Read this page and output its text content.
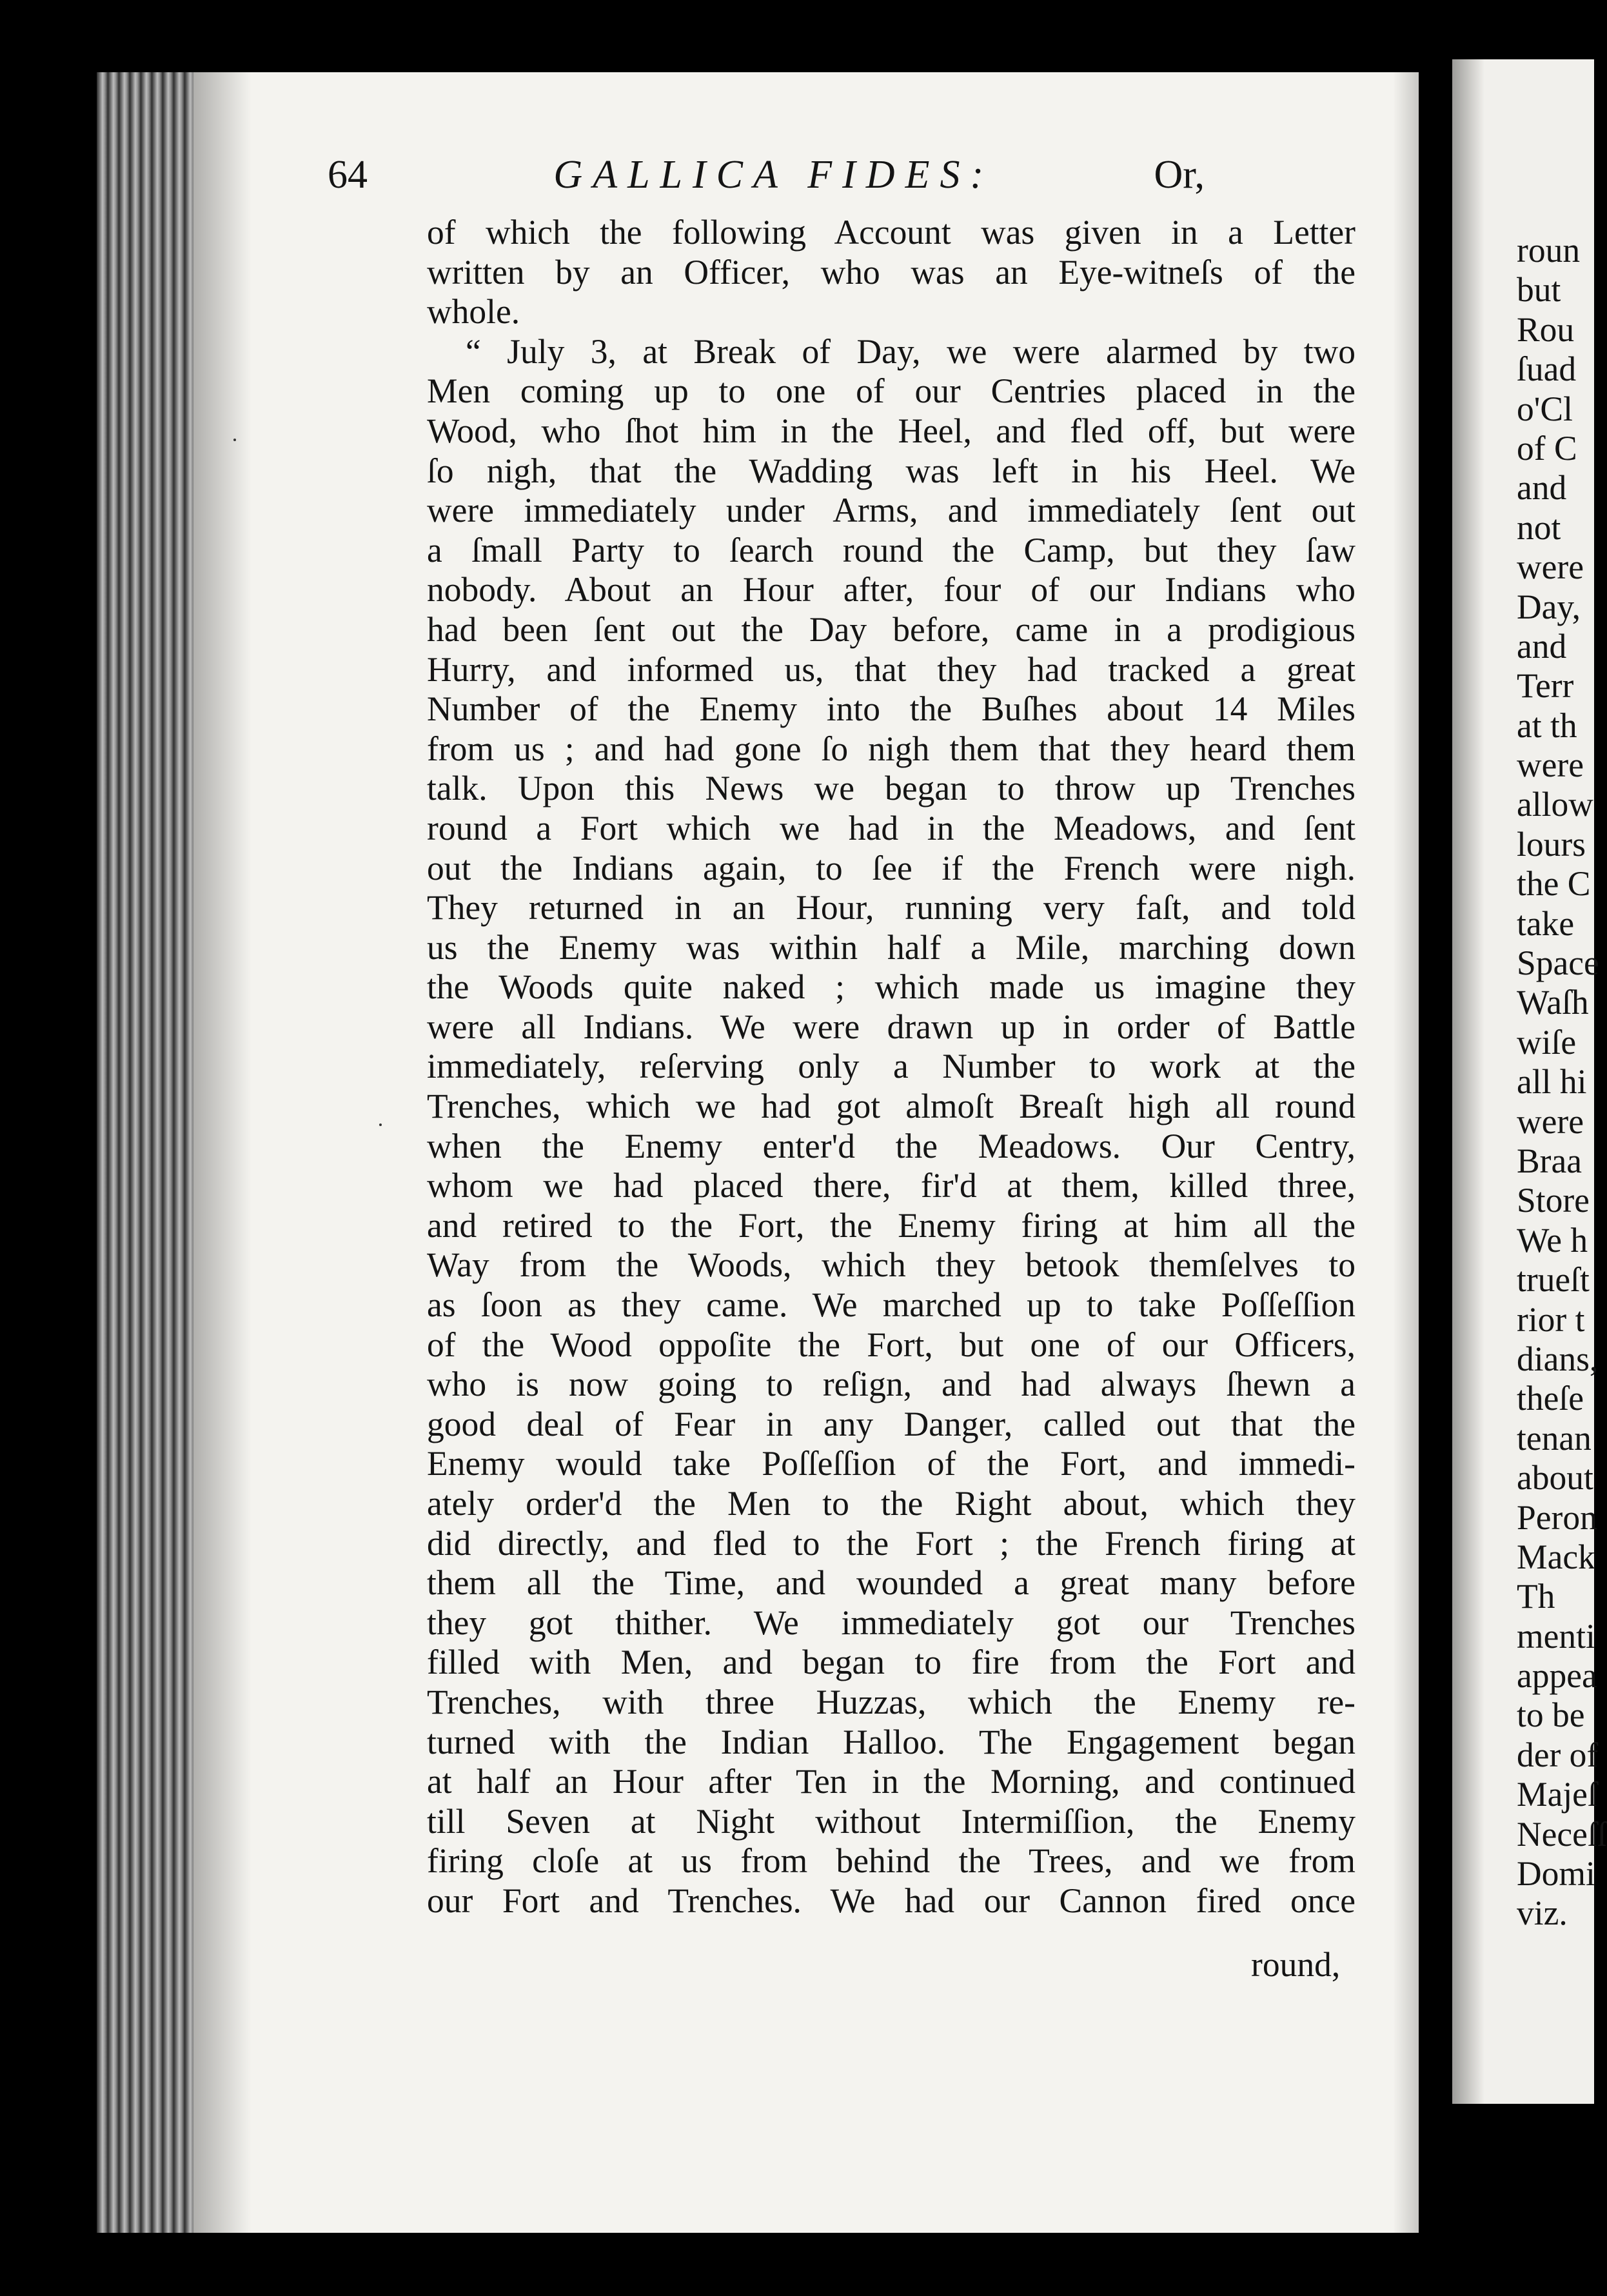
64	GALLICA FIDES:	Or,
of which the following Account was given in a Letter
written by an Officer, who was an Eye-witneſs of the
whole.
“ July 3, at Break of Day, we were alarmed by two
Men coming up to one of our Centries placed in the
Wood, who ſhot him in the Heel, and fled off, but were
ſo nigh, that the Wadding was left in his Heel. We
were immediately under Arms, and immediately ſent out
a ſmall Party to ſearch round the Camp, but they ſaw
nobody. About an Hour after, four of our Indians who
had been ſent out the Day before, came in a prodigious
Hurry, and informed us, that they had tracked a great
Number of the Enemy into the Buſhes about 14 Miles
from us ; and had gone ſo nigh them that they heard them
talk. Upon this News we began to throw up Trenches
round a Fort which we had in the Meadows, and ſent
out the Indians again, to ſee if the French were nigh.
They returned in an Hour, running very faſt, and told
us the Enemy was within half a Mile, marching down
the Woods quite naked ; which made us imagine they
were all Indians. We were drawn up in order of Battle
immediately, reſerving only a Number to work at the
Trenches, which we had got almoſt Breaſt high all round
when the Enemy enter'd the Meadows. Our Centry,
whom we had placed there, fir'd at them, killed three,
and retired to the Fort, the Enemy firing at him all the
Way from the Woods, which they betook themſelves to
as ſoon as they came. We marched up to take Poſſeſſion
of the Wood oppoſite the Fort, but one of our Officers,
who is now going to reſign, and had always ſhewn a
good deal of Fear in any Danger, called out that the
Enemy would take Poſſeſſion of the Fort, and immedi-
ately order'd the Men to the Right about, which they
did directly, and fled to the Fort ; the French firing at
them all the Time, and wounded a great many before
they got thither. We immediately got our Trenches
filled with Men, and began to fire from the Fort and
Trenches, with three Huzzas, which the Enemy re-
turned with the Indian Halloo. The Engagement began
at half an Hour after Ten in the Morning, and continued
till Seven at Night without Intermiſſion, the Enemy
firing cloſe at us from behind the Trees, and we from
our Fort and Trenches. We had our Cannon fired once
round,
roun
but
Rou
ſuad
o'Cl
of C
and
not
were
Day,
and
Terr
at th
were
allow
lours
the C
take
Space
Waſh
wiſe
all hi
were
Braa
Store
We h
trueſt
rior t
dians,
theſe
tenan
about
Peron
Mack
Th
menti
appea
to be
der of
Majeſ
Neceſſ
Domi
viz.
